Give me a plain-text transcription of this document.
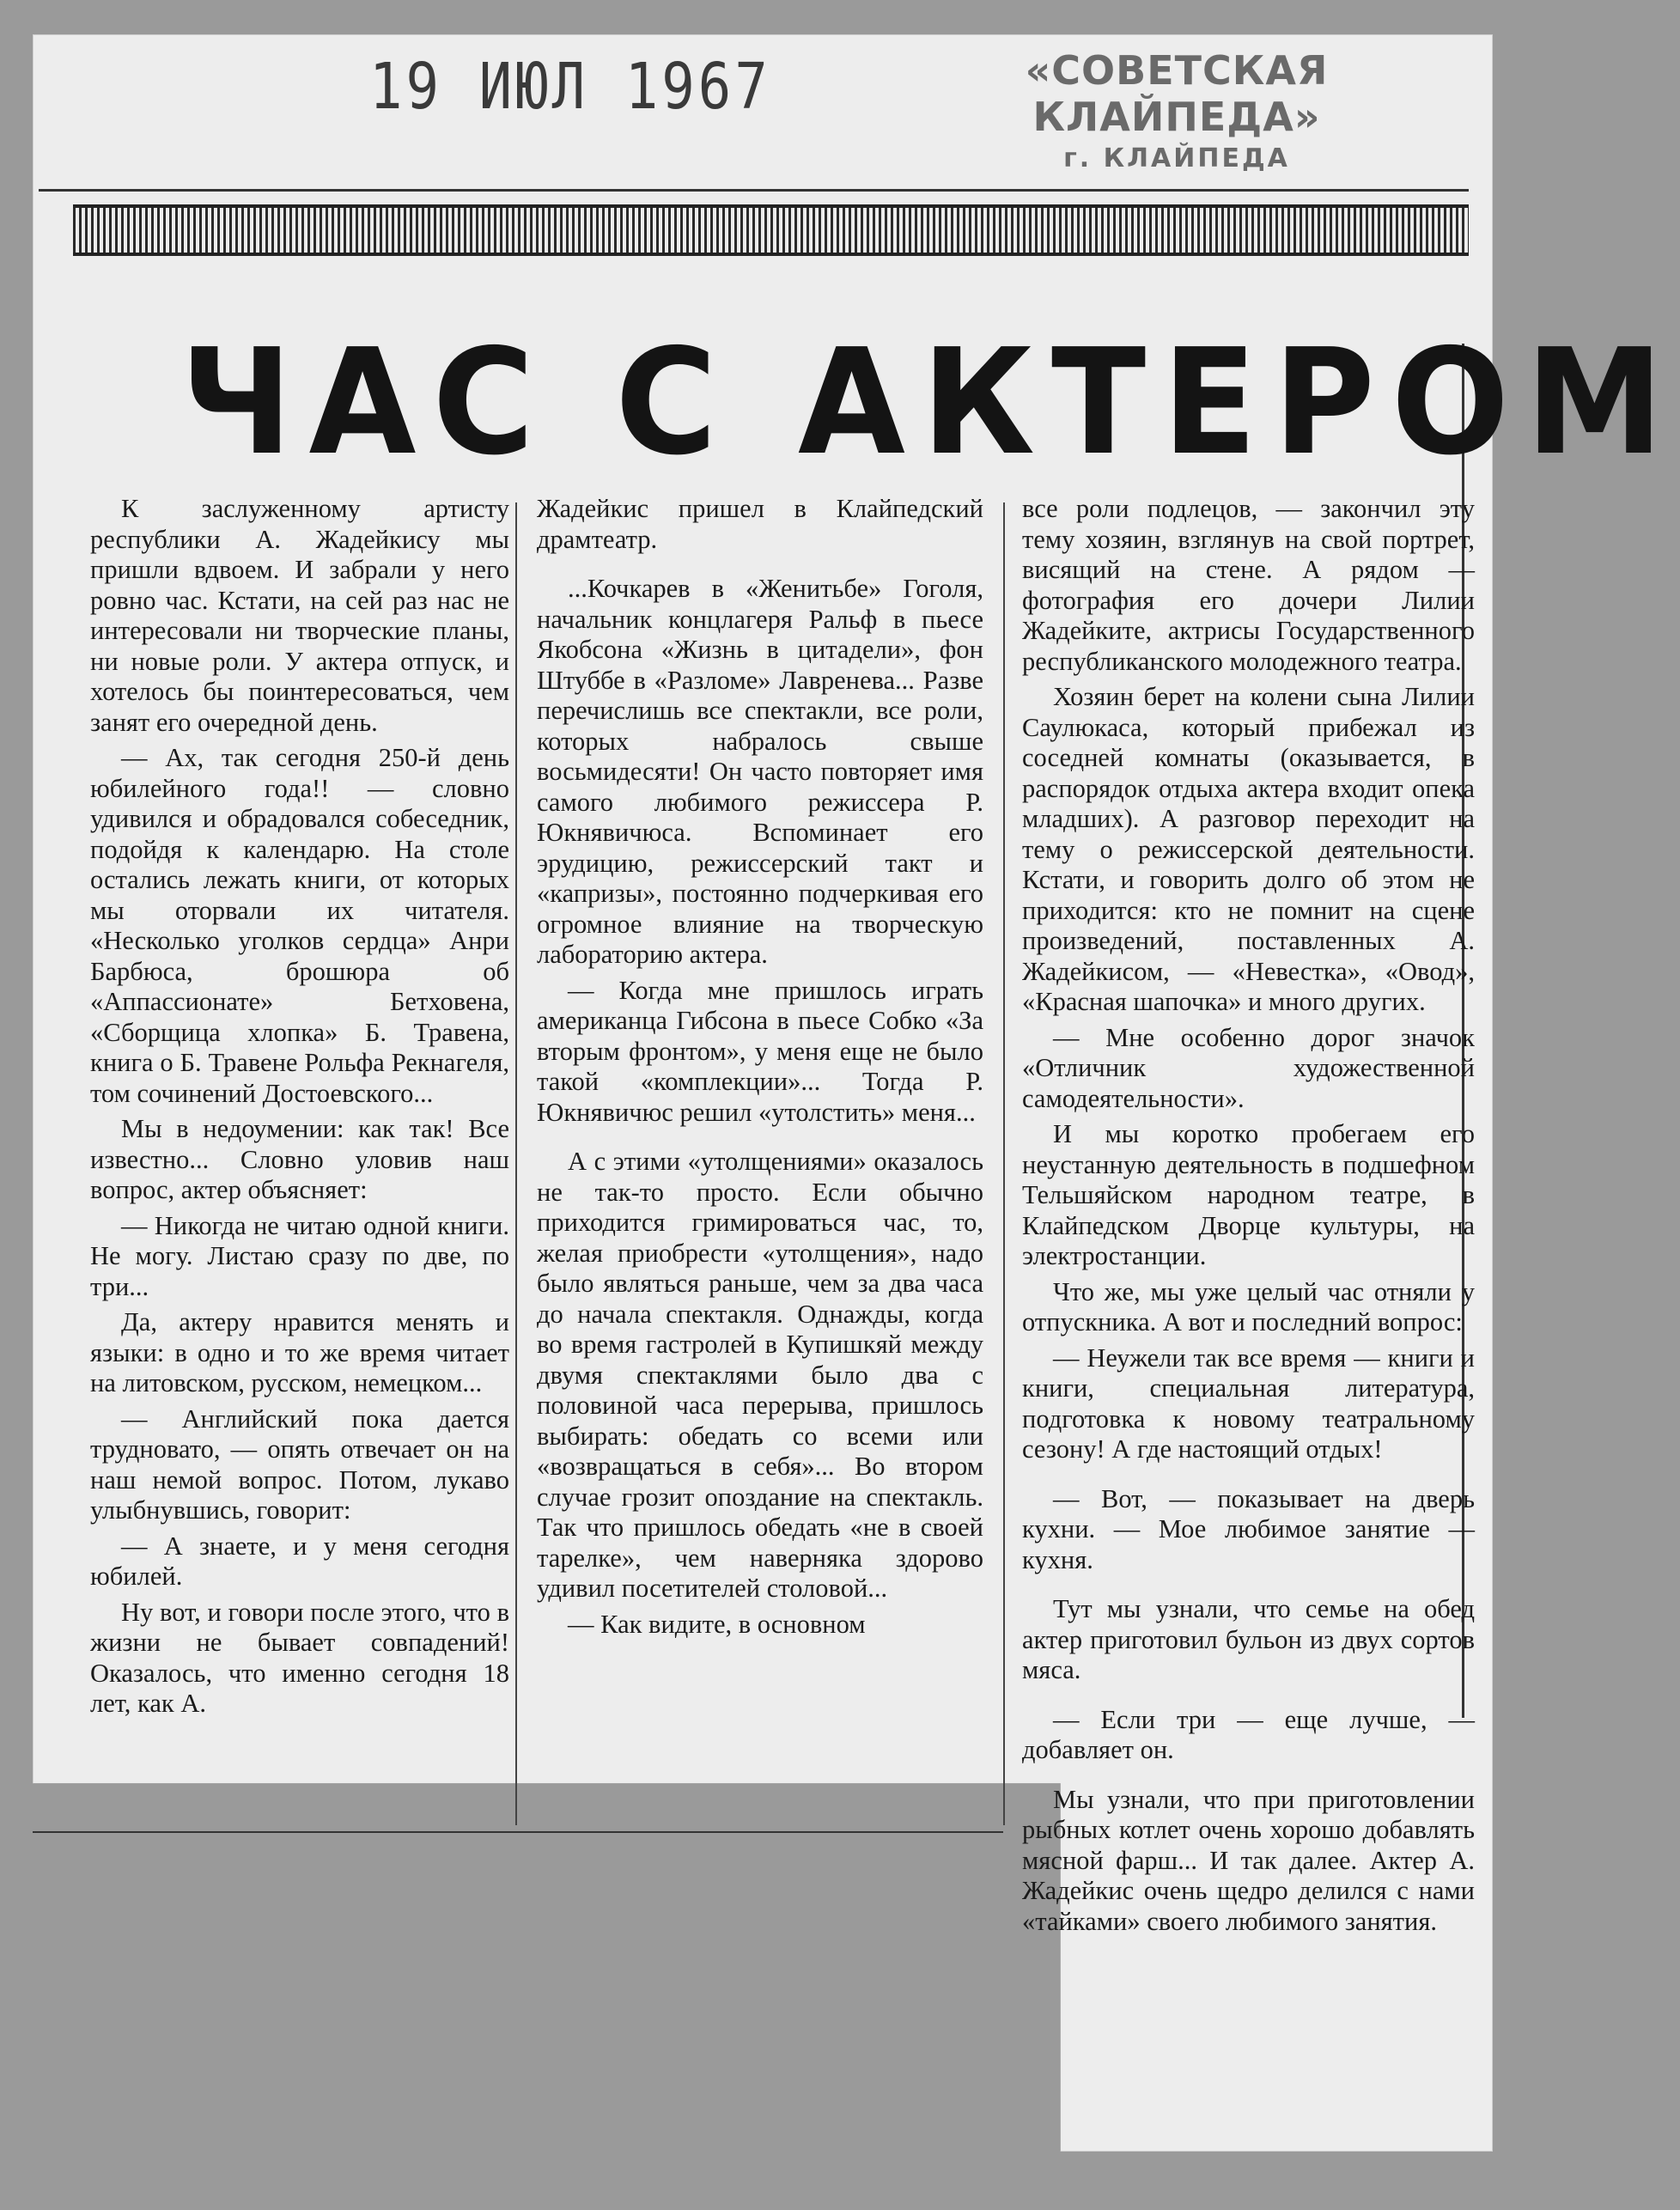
19 ИЮЛ 1967	«СОВЕТСКАЯ КЛАЙПЕДА»
г. КЛАЙПЕДА
ЧАС С АКТЕРОМ

К заслуженному артисту республики А. Жадейкису мы пришли вдвоем. И забрали у него ровно час. Кстати, на сей раз нас не интересовали ни творческие планы, ни новые роли. У актера отпуск, и хотелось бы поинтересоваться, чем занят его очередной день.

— Ах, так сегодня 250-й день юбилейного года!! — словно удивился и обрадовался собеседник, подойдя к календарю. На столе остались лежать книги, от которых мы оторвали их читателя. «Несколько уголков сердца» Анри Барбюса, брошюра об «Аппассионате» Бетховена, «Сборщица хлопка» Б. Травена, книга о Б. Травене Рольфа Рекнагеля, том сочинений Достоевского...

Мы в недоумении: как так! Все известно... Словно уловив наш вопрос, актер объясняет:

— Никогда не читаю одной книги. Не могу. Листаю сразу по две, по три...

Да, актеру нравится менять и языки: в одно и то же время читает на литовском, русском, немецком...

— Английский пока дается трудновато, — опять отвечает он на наш немой вопрос. Потом, лукаво улыбнувшись, говорит:

— А знаете, и у меня сегодня юбилей.

Ну вот, и говори после этого, что в жизни не бывает совпадений! Оказалось, что именно сегодня 18 лет, как А.

Жадейкис пришел в Клайпедский драмтеатр.

...Кочкарев в «Женитьбе» Гоголя, начальник концлагеря Ральф в пьесе Якобсона «Жизнь в цитадели», фон Штуббе в «Разломе» Лавренева... Разве перечислишь все спектакли, все роли, которых набралось свыше восьмидесяти! Он часто повторяет имя самого любимого режиссера Р. Юкнявичюса. Вспоминает его эрудицию, режиссерский такт и «капризы», постоянно подчеркивая его огромное влияние на творческую лабораторию актера.

— Когда мне пришлось играть американца Гибсона в пьесе Собко «За вторым фронтом», у меня еще не было такой «комплекции»... Тогда Р. Юкнявичюс решил «утолстить» меня...

А с этими «утолщениями» оказалось не так-то просто. Если обычно приходится гримироваться час, то, желая приобрести «утолщения», надо было являться раньше, чем за два часа до начала спектакля. Однажды, когда во время гастролей в Купишкяй между двумя спектаклями было два с половиной часа перерыва, пришлось выбирать: обедать со всеми или «возвращаться в себя»... Во втором случае грозит опоздание на спектакль. Так что пришлось обедать «не в своей тарелке», чем наверняка здорово удивил посетителей столовой...

— Как видите, в основном

все роли подлецов, — закончил эту тему хозяин, взглянув на свой портрет, висящий на стене. А рядом — фотография его дочери Лилии Жадейките, актрисы Государственного республиканского молодежного театра.

Хозяин берет на колени сына Лилии Саулюкаса, который прибежал из соседней комнаты (оказывается, в распорядок отдыха актера входит опека младших). А разговор переходит на тему о режиссерской деятельности. Кстати, и говорить долго об этом не приходится: кто не помнит на сцене произведений, поставленных А. Жадейкисом, — «Невестка», «Овод», «Красная шапочка» и много других.

— Мне особенно дорог значок «Отличник художественной самодеятельности».

И мы коротко пробегаем его неустанную деятельность в подшефном Тельшяйском народном театре, в Клайпедском Дворце культуры, на электростанции.

Что же, мы уже целый час отняли у отпускника. А вот и последний вопрос:

— Неужели так все время — книги и книги, специальная литература, подготовка к новому театральному сезону! А где настоящий отдых!

— Вот, — показывает на дверь кухни. — Мое любимое занятие — кухня.

Тут мы узнали, что семье на обед актер приготовил бульон из двух сортов мяса.

— Если три — еще лучше, — добавляет он.

Мы узнали, что при приготовлении рыбных котлет очень хорошо добавлять мясной фарш... И так далее. Актер А. Жадейкис очень щедро делился с нами «тайками» своего любимого занятия.
